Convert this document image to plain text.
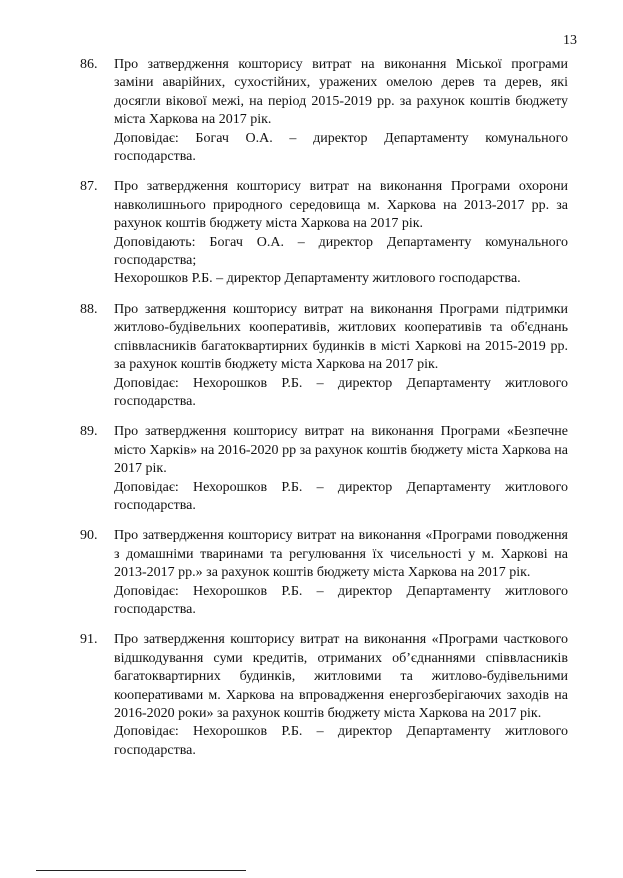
13
86.	Про затвердження кошторису витрат на виконання Міської програми заміни аварійних, сухостійних, уражених омелою дерев та дерев, які досягли вікової межі, на період 2015-2019 рр. за рахунок коштів бюджету міста Харкова на 2017 рік.

Доповідає: Богач О.А. – директор Департаменту комунального господарства.

87.	Про затвердження кошторису витрат на виконання Програми охорони навколишнього природного середовища м. Харкова на 2013-2017 рр. за рахунок коштів бюджету міста Харкова на 2017 рік.

Доповідають: Богач О.А. – директор Департаменту комунального господарства;

Нехорошков Р.Б. – директор Департаменту житлового господарства.

88.	Про затвердження кошторису витрат на виконання Програми підтримки житлово-будівельних кооперативів, житлових кооперативів та об'єднань співвласників багатоквартирних будинків в місті Харкові на 2015-2019 рр. за рахунок коштів бюджету міста Харкова на 2017 рік.

Доповідає: Нехорошков Р.Б. – директор Департаменту житлового господарства.

89.	Про затвердження кошторису витрат на виконання Програми «Безпечне місто Харків» на 2016-2020 рр за рахунок коштів бюджету міста Харкова на 2017 рік.

Доповідає: Нехорошков Р.Б. – директор Департаменту житлового господарства.

90.	Про затвердження кошторису витрат на виконання «Програми поводження з домашніми тваринами та регулювання їх чисельності у м. Харкові на 2013-2017 рр.» за рахунок коштів бюджету міста Харкова на 2017 рік.

Доповідає: Нехорошков Р.Б. – директор Департаменту житлового господарства.

91.	Про затвердження кошторису витрат на виконання «Програми часткового відшкодування суми кредитів, отриманих об’єднаннями співвласників багатоквартирних будинків, житловими та житлово-будівельними кооперативами м. Харкова на впровадження енергозберігаючих заходів на 2016-2020 роки» за рахунок коштів бюджету міста Харкова на 2017 рік.

Доповідає: Нехорошков Р.Б. – директор Департаменту житлового господарства.
